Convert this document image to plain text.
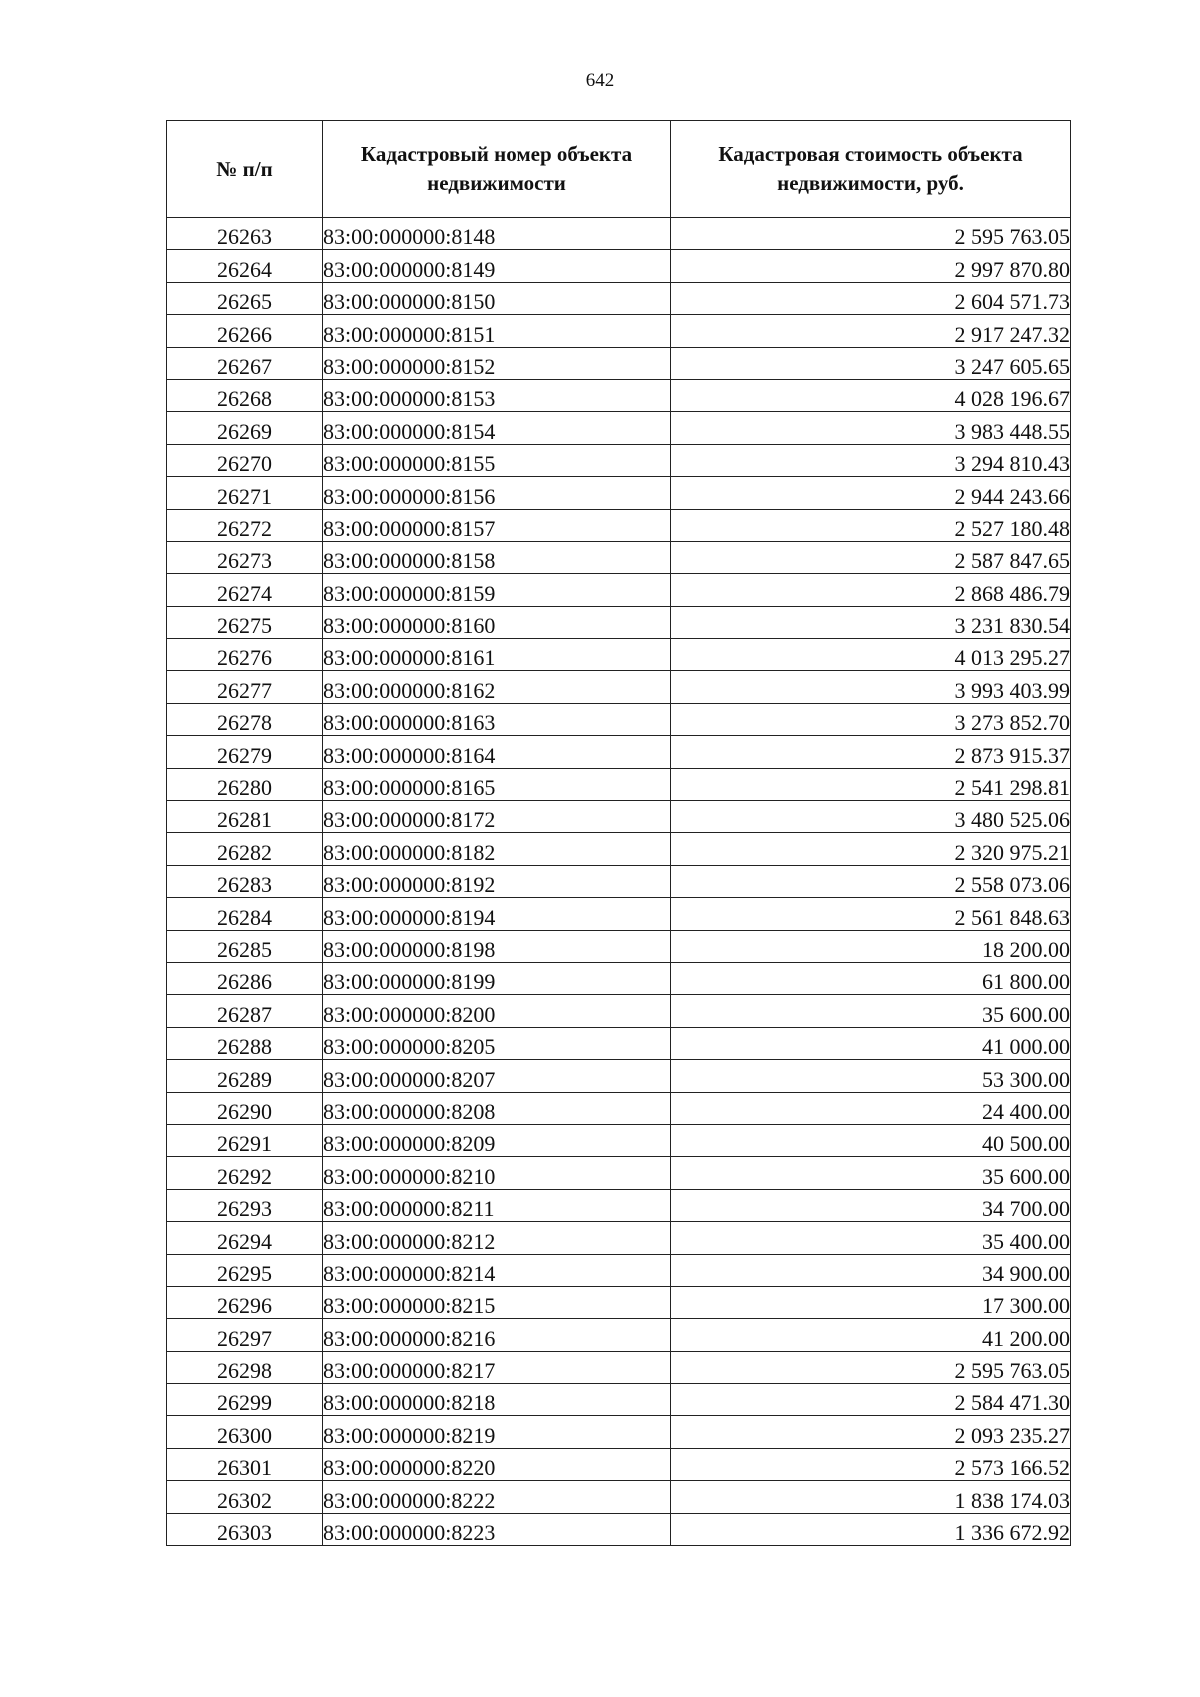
642
№ п/п	Кадастровый номер объекта недвижимости	Кадастровая стоимость объекта недвижимости, руб.
26263	83:00:000000:8148	2 595 763.05
26264	83:00:000000:8149	2 997 870.80
26265	83:00:000000:8150	2 604 571.73
26266	83:00:000000:8151	2 917 247.32
26267	83:00:000000:8152	3 247 605.65
26268	83:00:000000:8153	4 028 196.67
26269	83:00:000000:8154	3 983 448.55
26270	83:00:000000:8155	3 294 810.43
26271	83:00:000000:8156	2 944 243.66
26272	83:00:000000:8157	2 527 180.48
26273	83:00:000000:8158	2 587 847.65
26274	83:00:000000:8159	2 868 486.79
26275	83:00:000000:8160	3 231 830.54
26276	83:00:000000:8161	4 013 295.27
26277	83:00:000000:8162	3 993 403.99
26278	83:00:000000:8163	3 273 852.70
26279	83:00:000000:8164	2 873 915.37
26280	83:00:000000:8165	2 541 298.81
26281	83:00:000000:8172	3 480 525.06
26282	83:00:000000:8182	2 320 975.21
26283	83:00:000000:8192	2 558 073.06
26284	83:00:000000:8194	2 561 848.63
26285	83:00:000000:8198	18 200.00
26286	83:00:000000:8199	61 800.00
26287	83:00:000000:8200	35 600.00
26288	83:00:000000:8205	41 000.00
26289	83:00:000000:8207	53 300.00
26290	83:00:000000:8208	24 400.00
26291	83:00:000000:8209	40 500.00
26292	83:00:000000:8210	35 600.00
26293	83:00:000000:8211	34 700.00
26294	83:00:000000:8212	35 400.00
26295	83:00:000000:8214	34 900.00
26296	83:00:000000:8215	17 300.00
26297	83:00:000000:8216	41 200.00
26298	83:00:000000:8217	2 595 763.05
26299	83:00:000000:8218	2 584 471.30
26300	83:00:000000:8219	2 093 235.27
26301	83:00:000000:8220	2 573 166.52
26302	83:00:000000:8222	1 838 174.03
26303	83:00:000000:8223	1 336 672.92
